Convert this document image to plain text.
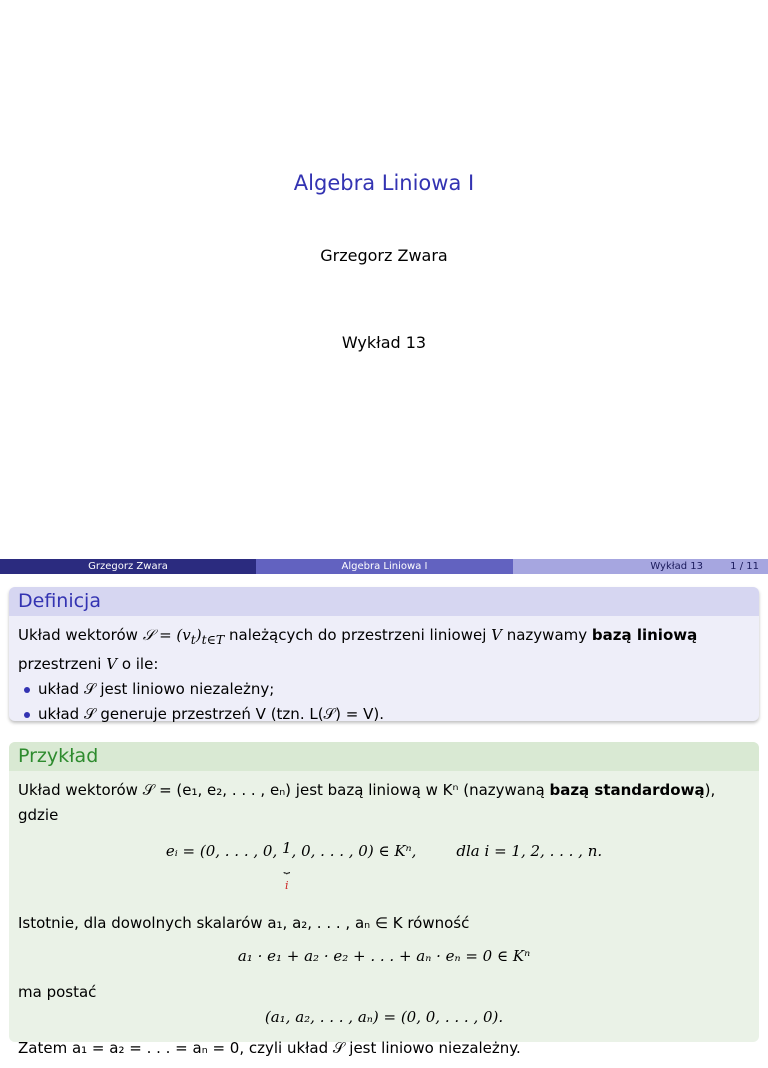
Algebra Liniowa I
Grzegorz Zwara
Wykład 13
Grzegorz Zwara	Algebra Liniowa I	Wykład 13	1 / 11
Definicja
Układ wektorów 𝒮 = $(v_t)_{t\in T}$ należących do przestrzeni liniowej V nazywamy bazą liniową
przestrzeni V o ile:
układ 𝒮 jest liniowo niezależny;
układ 𝒮 generuje przestrzeń V (tzn. L(𝒮) = V).
Przykład
Układ wektorów 𝒮 = (e₁, e₂, . . . , eₙ) jest bazą liniową w Kⁿ (nazywaną bazą standardową), gdzie
eᵢ = (0, . . . , 0, 1
⏟
i, 0, . . . , 0) ∈ Kⁿ,	dla i = 1, 2, . . . , n.
Istotnie, dla dowolnych skalarów a₁, a₂, . . . , aₙ ∈ K równość
a₁ · e₁ + a₂ · e₂ + . . . + aₙ · eₙ = 0 ∈ Kⁿ
ma postać
(a₁, a₂, . . . , aₙ) = (0, 0, . . . , 0).
Zatem a₁ = a₂ = . . . = aₙ = 0, czyli układ 𝒮 jest liniowo niezależny.
